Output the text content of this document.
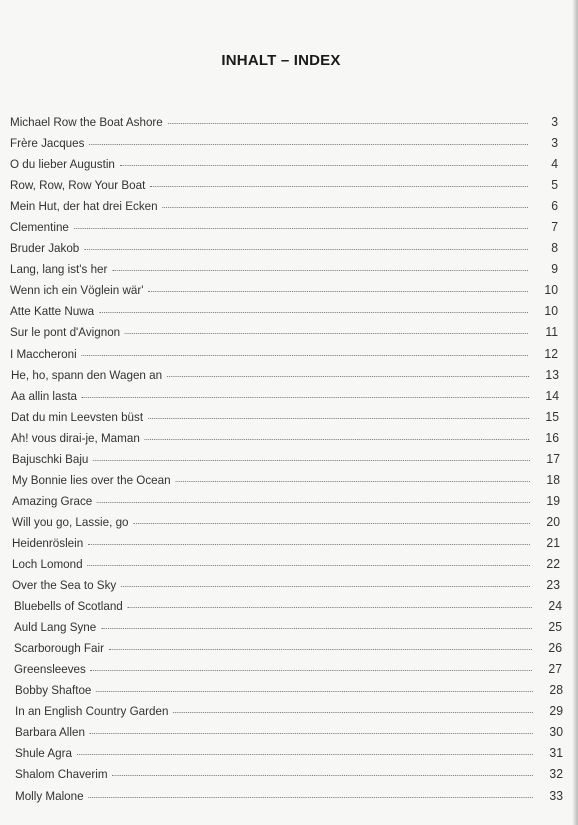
INHALT – INDEX
Michael Row the Boat Ashore	3
Frère Jacques	3
O du lieber Augustin	4
Row, Row, Row Your Boat	5
Mein Hut, der hat drei Ecken	6
Clementine	7
Bruder Jakob	8
Lang, lang ist's her	9
Wenn ich ein Vöglein wär'	10
Atte Katte Nuwa	10
Sur le pont d'Avignon	11
I Maccheroni	12
He, ho, spann den Wagen an	13
Aa allin lasta	14
Dat du min Leevsten büst	15
Ah! vous dirai-je, Maman	16
Bajuschki Baju	17
My Bonnie lies over the Ocean	18
Amazing Grace	19
Will you go, Lassie, go	20
Heidenröslein	21
Loch Lomond	22
Over the Sea to Sky	23
Bluebells of Scotland	24
Auld Lang Syne	25
Scarborough Fair	26
Greensleeves	27
Bobby Shaftoe	28
In an English Country Garden	29
Barbara Allen	30
Shule Agra	31
Shalom Chaverim	32
Molly Malone	33
